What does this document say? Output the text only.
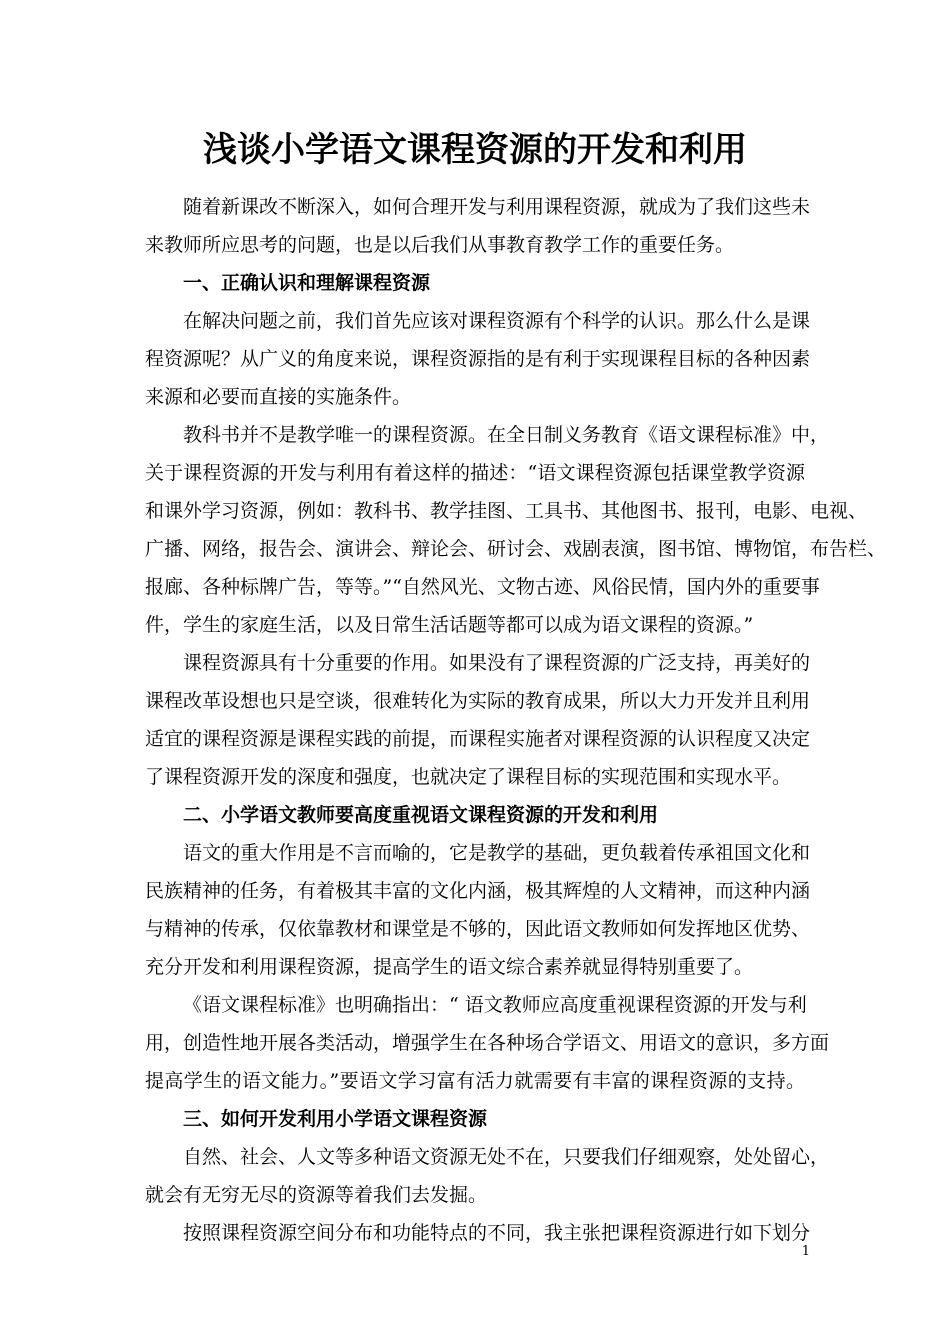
浅谈小学语文课程资源的开发和利用
随着新课改不断深入，如何合理开发与利用课程资源，就成为了我们这些未
来教师所应思考的问题，也是以后我们从事教育教学工作的重要任务。
一、正确认识和理解课程资源
在解决问题之前，我们首先应该对课程资源有个科学的认识。那么什么是课
程资源呢？从广义的角度来说，课程资源指的是有利于实现课程目标的各种因素
来源和必要而直接的实施条件。
教科书并不是教学唯一的课程资源。在全日制义务教育《语文课程标准》中，
关于课程资源的开发与利用有着这样的描述：“语文课程资源包括课堂教学资源
和课外学习资源，例如：教科书、教学挂图、工具书、其他图书、报刊，电影、电视、
广播、网络，报告会、演讲会、辩论会、研讨会、戏剧表演，图书馆、博物馆，布告栏、
报廊、各种标牌广告，等等。”“自然风光、文物古迹、风俗民情，国内外的重要事
件，学生的家庭生活，以及日常生活话题等都可以成为语文课程的资源。”
课程资源具有十分重要的作用。如果没有了课程资源的广泛支持，再美好的
课程改革设想也只是空谈，很难转化为实际的教育成果，所以大力开发并且利用
适宜的课程资源是课程实践的前提，而课程实施者对课程资源的认识程度又决定
了课程资源开发的深度和强度，也就决定了课程目标的实现范围和实现水平。
二、小学语文教师要高度重视语文课程资源的开发和利用
语文的重大作用是不言而喻的，它是教学的基础，更负载着传承祖国文化和
民族精神的任务，有着极其丰富的文化内涵，极其辉煌的人文精神，而这种内涵
与精神的传承，仅依靠教材和课堂是不够的，因此语文教师如何发挥地区优势、
充分开发和利用课程资源，提高学生的语文综合素养就显得特别重要了。
《语文课程标准》也明确指出：“ 语文教师应高度重视课程资源的开发与利
用，创造性地开展各类活动，增强学生在各种场合学语文、用语文的意识，多方面
提高学生的语文能力。”要语文学习富有活力就需要有丰富的课程资源的支持。
三、如何开发利用小学语文课程资源
自然、社会、人文等多种语文资源无处不在，只要我们仔细观察，处处留心，
就会有无穷无尽的资源等着我们去发掘。
按照课程资源空间分布和功能特点的不同，我主张把课程资源进行如下划分
1
